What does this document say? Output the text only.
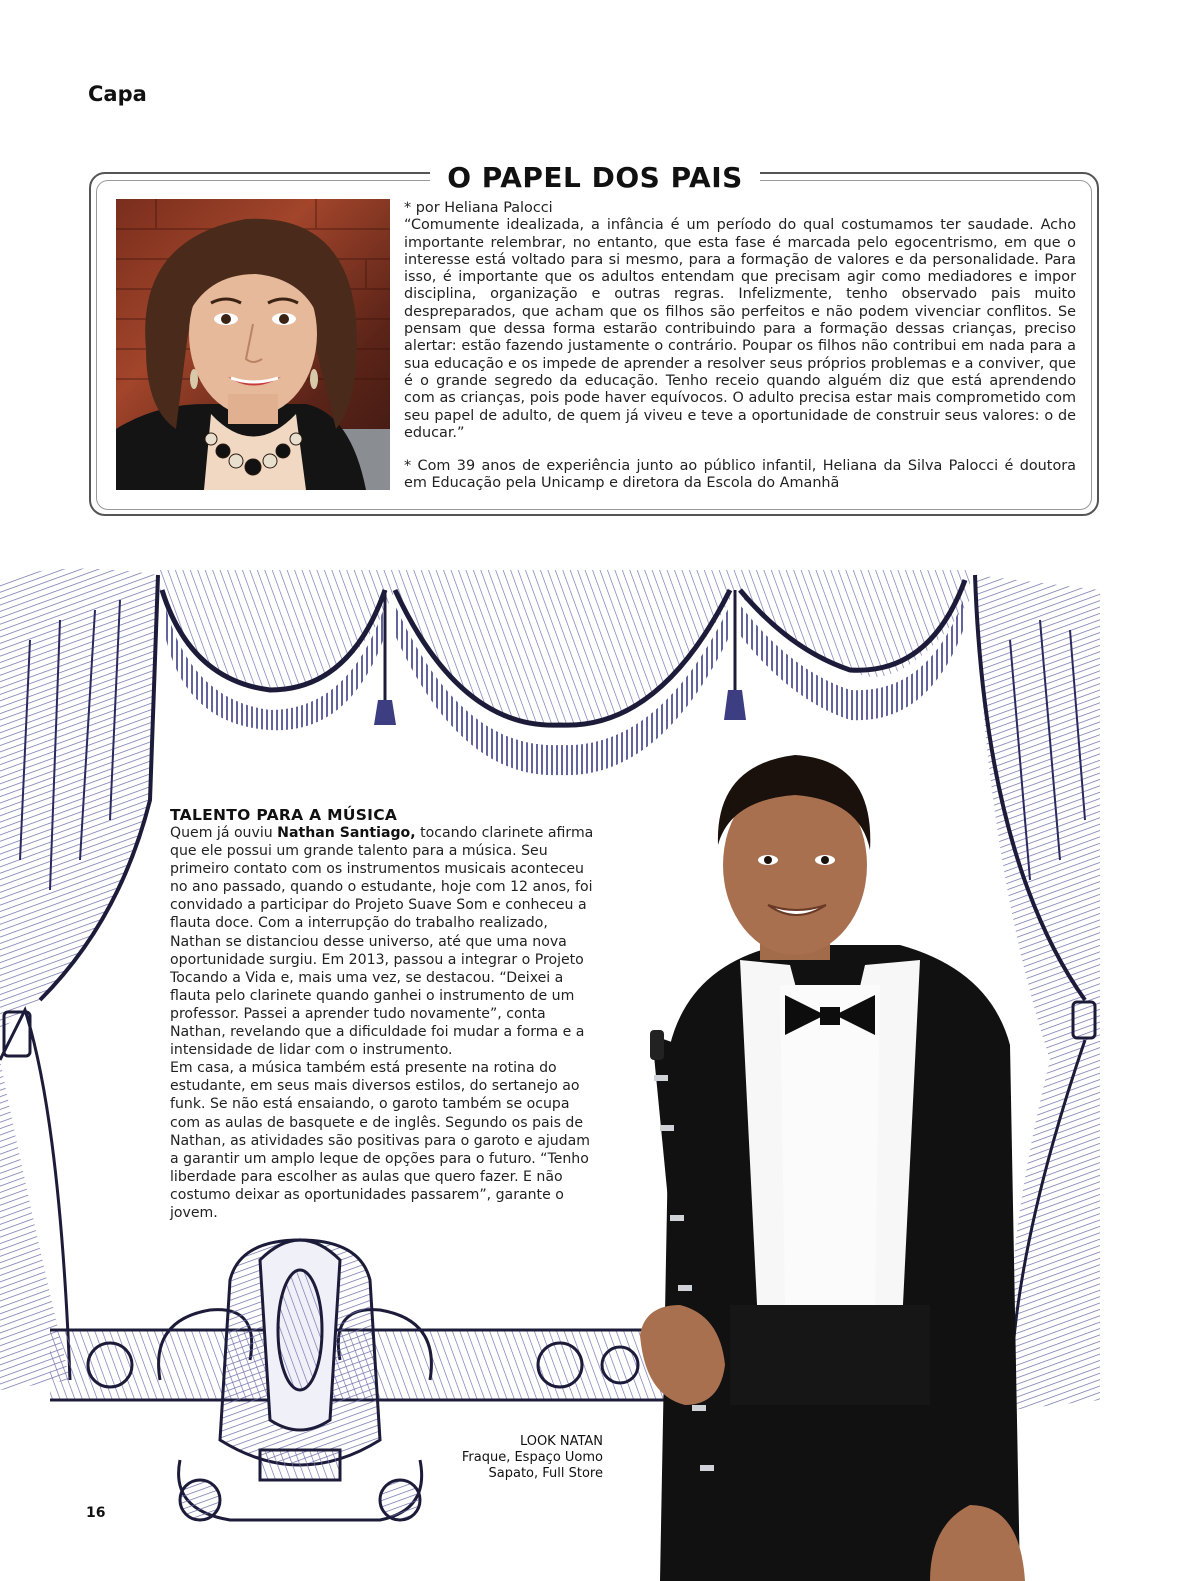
Capa
O PAPEL DOS PAIS

* por Heliana Palocci

“Comumente idealizada, a infância é um período do qual costumamos ter saudade. Acho importante relembrar, no entanto, que esta fase é marcada pelo egocentrismo, em que o interesse está voltado para si mesmo, para a formação de valores e da personalidade. Para isso, é importante que os adultos entendam que precisam agir como mediadores e impor disciplina, organização e outras regras. Infelizmente, tenho observado pais muito despreparados, que acham que os filhos são perfeitos e não podem vivenciar conflitos. Se pensam que dessa forma estarão contribuindo para a formação dessas crianças, preciso alertar: estão fazendo justamente o contrário. Poupar os filhos não contribui em nada para a sua educação e os impede de aprender a resolver seus próprios problemas e a conviver, que é o grande segredo da educação. Tenho receio quando alguém diz que está aprendendo com as crianças, pois pode haver equívocos. O adulto precisa estar mais comprometido com seu papel de adulto, de quem já viveu e teve a oportunidade de construir seus valores: o de educar.”

* Com 39 anos de experiência junto ao público infantil, Heliana da Silva Palocci é doutora em Educação pela Unicamp e diretora da Escola do Amanhã

TALENTO PARA A MÚSICA

Quem já ouviu Nathan Santiago, tocando clarinete afirma que ele possui um grande talento para a música. Seu primeiro contato com os instrumentos musicais aconteceu no ano passado, quando o estudante, hoje com 12 anos, foi convidado a participar do Projeto Suave Som e conheceu a flauta doce. Com a interrupção do trabalho realizado, Nathan se distanciou desse universo, até que uma nova oportunidade surgiu. Em 2013, passou a integrar o Projeto Tocando a Vida e, mais uma vez, se destacou. “Deixei a flauta pelo clarinete quando ganhei o instrumento de um professor. Passei a aprender tudo novamente”, conta Nathan, revelando que a dificuldade foi mudar a forma e a intensidade de lidar com o instrumento.

Em casa, a música também está presente na rotina do estudante, em seus mais diversos estilos, do sertanejo ao funk. Se não está ensaiando, o garoto também se ocupa com as aulas de basquete e de inglês. Segundo os pais de Nathan, as atividades são positivas para o garoto e ajudam a garantir um amplo leque de opções para o futuro. “Tenho liberdade para escolher as aulas que quero fazer. E não costumo deixar as oportunidades passarem”, garante o jovem.

LOOK NATAN
Fraque, Espaço Uomo
Sapato, Full Store
16
